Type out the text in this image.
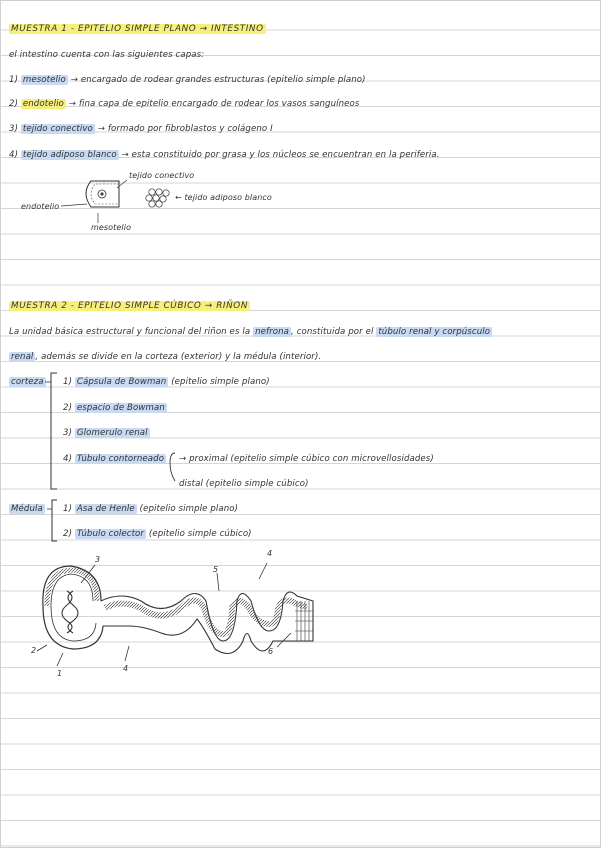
MUESTRA 1 - EPITELIO SIMPLE PLANO → INTESTINO
el intestino cuenta con las siguientes capas:
1) mesotelio → encargado de rodear grandes estructuras (epitelio simple plano)
2) endotelio → fina capa de epitelio encargado de rodear los vasos sanguíneos
3) tejido conectivo → formado por fibroblastos y colágeno I
4) tejido adiposo blanco → esta constituido por grasa y los núcleos se encuentran en la periferia.
tejido conectivo
← tejido adiposo blanco
endotelio
mesotelio
MUESTRA 2 - EPITELIO SIMPLE CÚBICO → RIÑON
La unidad básica estructural y funcional del riñon es la nefrona , constituida por el túbulo renal y corpúsculo
renal , además se divide en la corteza (exterior) y la médula (interior).
corteza 1) Cápsula de Bowman (epitelio simple plano)
2) espacio de Bowman
3) Glomerulo renal
4) Túbulo contorneado → proximal (epitelio simple cúbico con microvellosidades)
distal (epitelio simple cúbico)
Médula 1) Asa de Henle (epitelio simple plano)
2) Túbulo colector (epitelio simple cúbico)
3
4
5
2	6
4
1
